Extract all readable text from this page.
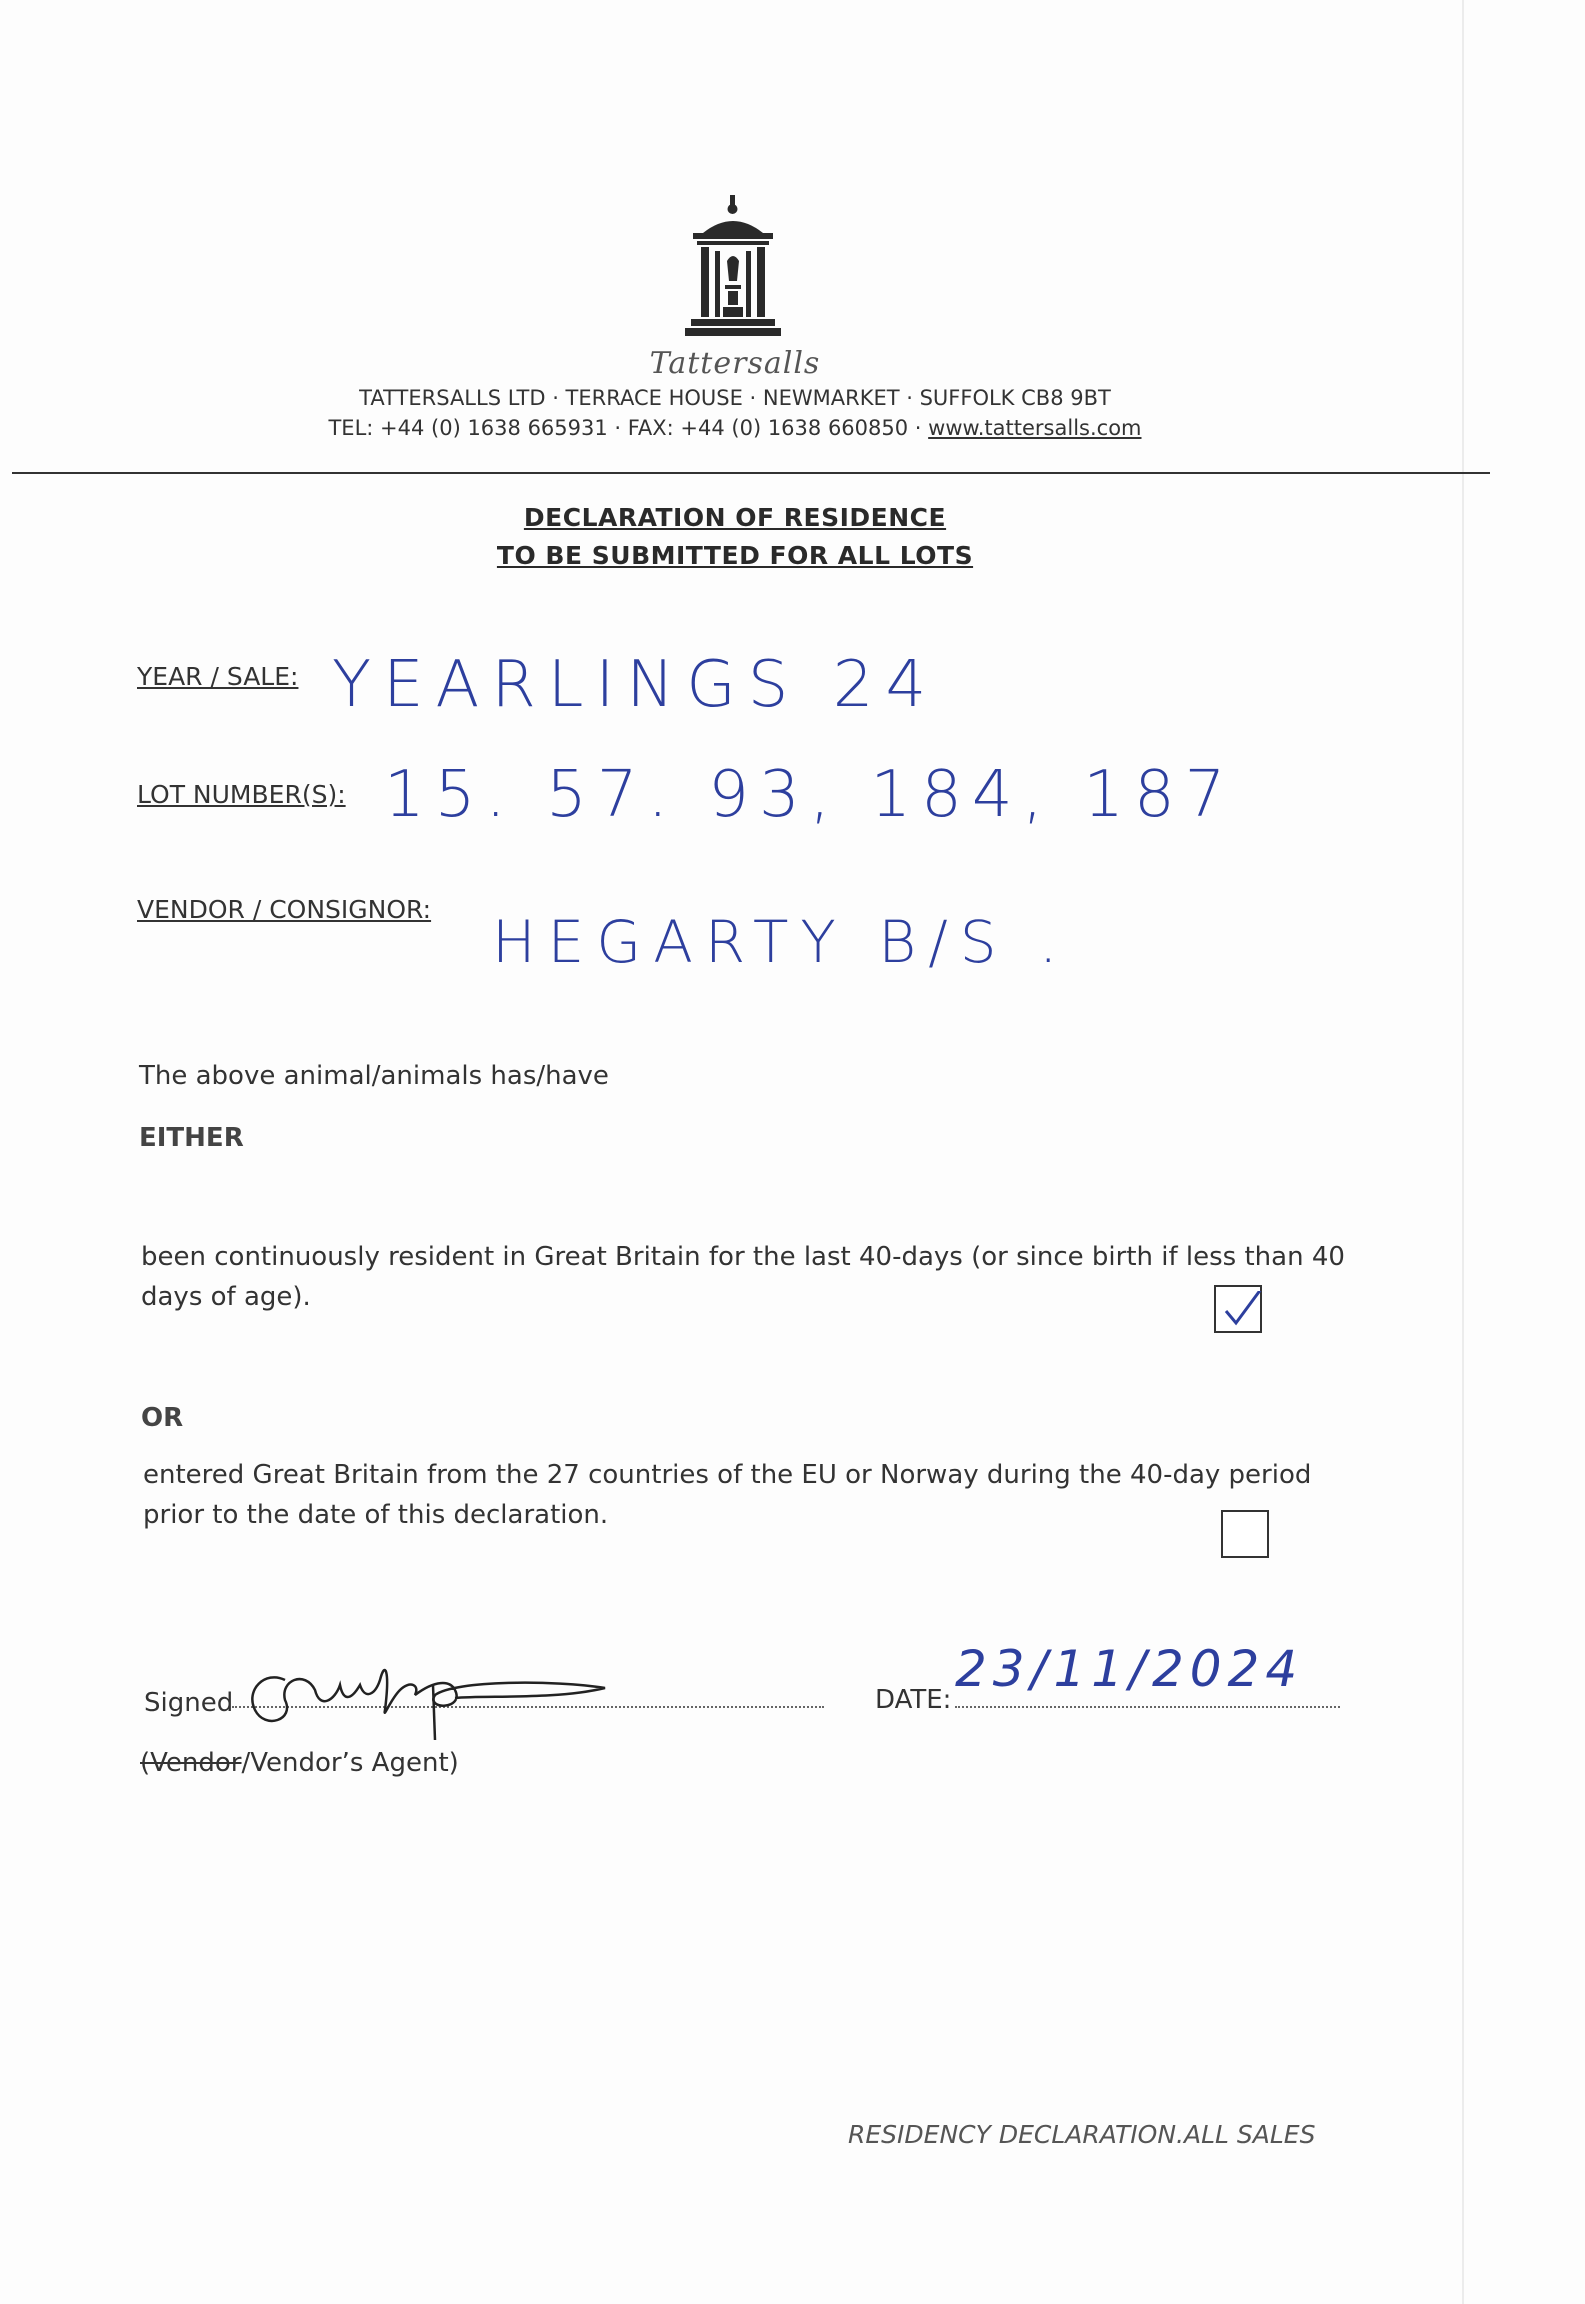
Tattersalls
TATTERSALLS LTD · TERRACE HOUSE · NEWMARKET · SUFFOLK CB8 9BT
TEL: +44 (0) 1638 665931 · FAX: +44 (0) 1638 660850 · www.tattersalls.com
DECLARATION OF RESIDENCE
TO BE SUBMITTED FOR ALL LOTS
YEAR / SALE: YEARLINGS 24
LOT NUMBER(S): 15. 57. 93, 184, 187
VENDOR / CONSIGNOR: HEGARTY B/S .
The above animal/animals has/have
EITHER
been continuously resident in Great Britain for the last 40-days (or since birth if less than 40
days of age).
OR
entered Great Britain from the 27 countries of the EU or Norway during the 40-day period
prior to the date of this declaration.
Signed	DATE:
23/11/2024
(Vendor/Vendor’s Agent)
RESIDENCY DECLARATION.ALL SALES
